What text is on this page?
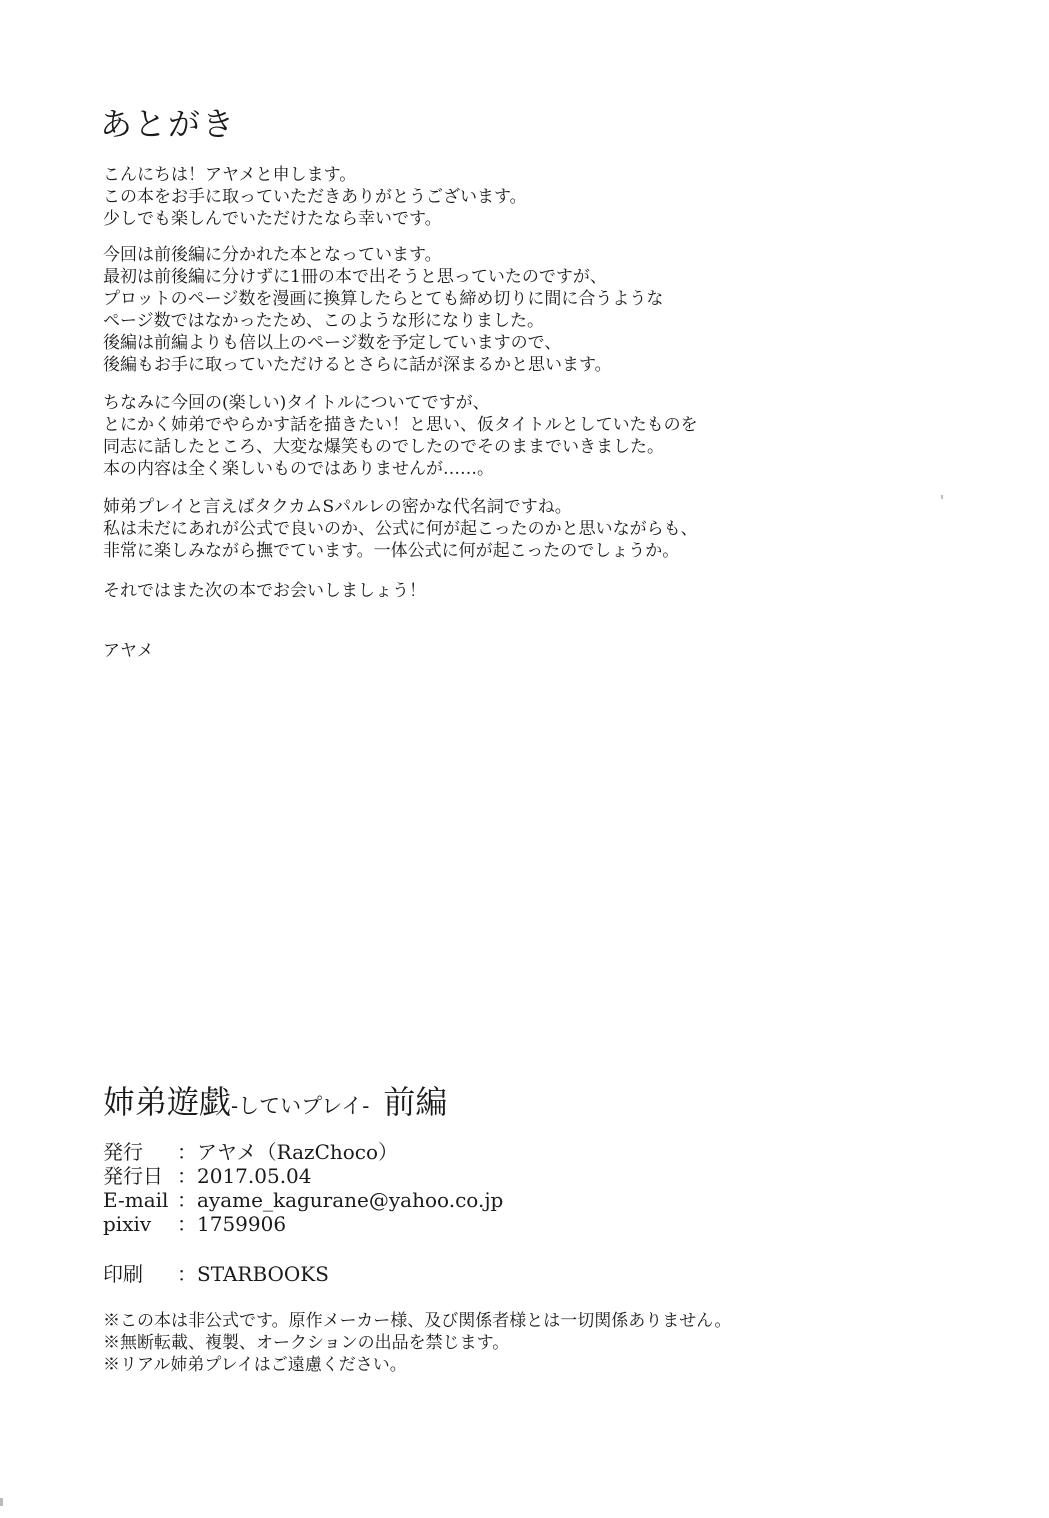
あとがき

こんにちは！アヤメと申します。
この本をお手に取っていただきありがとうございます。
少しでも楽しんでいただけたなら幸いです。

今回は前後編に分かれた本となっています。
最初は前後編に分けずに1冊の本で出そうと思っていたのですが、
プロットのページ数を漫画に換算したらとても締め切りに間に合うような
ページ数ではなかったため、このような形になりました。
後編は前編よりも倍以上のページ数を予定していますので、
後編もお手に取っていただけるとさらに話が深まるかと思います。

ちなみに今回の(楽しい)タイトルについてですが、
とにかく姉弟でやらかす話を描きたい！と思い、仮タイトルとしていたものを
同志に話したところ、大変な爆笑ものでしたのでそのままでいきました。
本の内容は全く楽しいものではありませんが……。

姉弟プレイと言えばタクカムSパルレの密かな代名詞ですね。
私は未だにあれが公式で良いのか、公式に何が起こったのかと思いながらも、
非常に楽しみながら撫でています。一体公式に何が起こったのでしょうか。

それではまた次の本でお会いしましょう！

アヤメ

姉弟遊戯-していプレイ- 前編

発行 ：アヤメ（RazChoco）

発行日 ：2017.05.04

E-mail ：ayame_kagurane@yahoo.co.jp

pixiv ：1759906

印刷 ：STARBOOKS

※この本は非公式です。原作メーカー様、及び関係者様とは一切関係ありません。
※無断転載、複製、オークションの出品を禁じます。
※リアル姉弟プレイはご遠慮ください。
